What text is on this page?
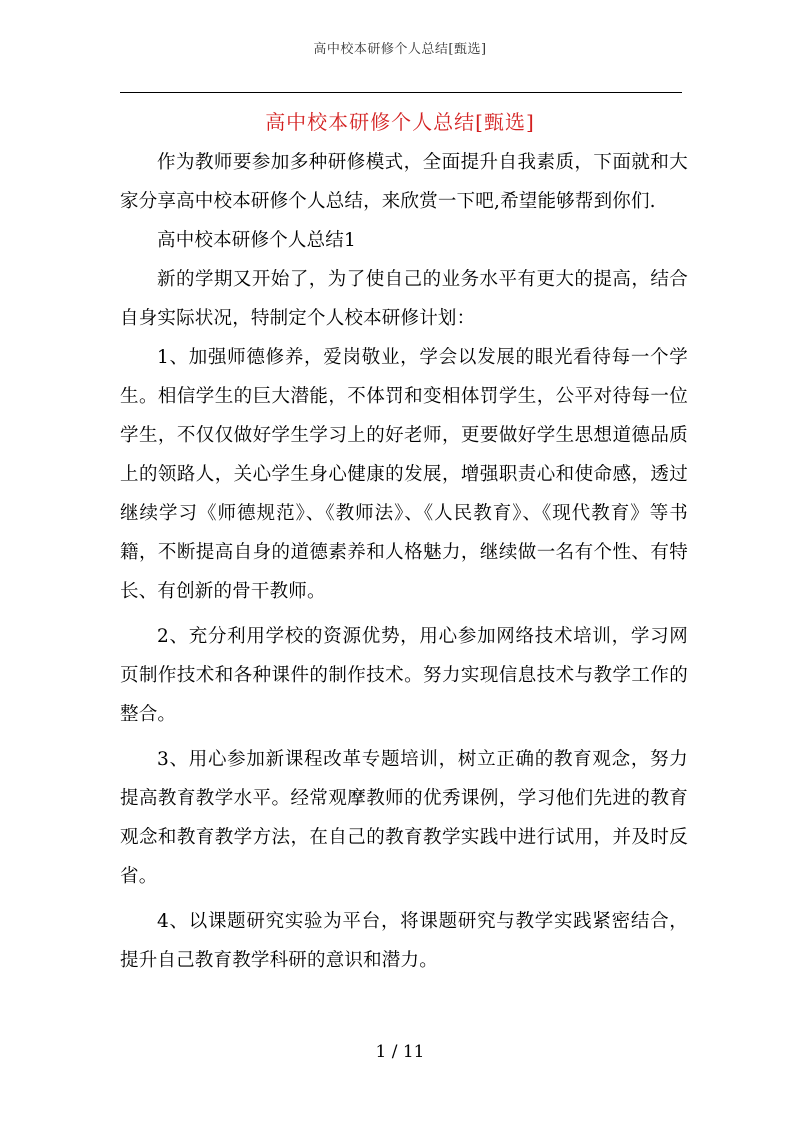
高中校本研修个人总结[甄选]
高中校本研修个人总结[甄选]

作为教师要参加多种研修模式，全面提升自我素质，下面就和大家分享高中校本研修个人总结，来欣赏一下吧,希望能够帮到你们.

高中校本研修个人总结1

新的学期又开始了，为了使自己的业务水平有更大的提高，结合自身实际状况，特制定个人校本研修计划：

1、加强师德修养，爱岗敬业，学会以发展的眼光看待每一个学生。相信学生的巨大潜能，不体罚和变相体罚学生，公平对待每一位学生，不仅仅做好学生学习上的好老师，更要做好学生思想道德品质上的领路人，关心学生身心健康的发展，增强职责心和使命感，透过继续学习《师德规范》、《教师法》、《人民教育》、《现代教育》等书籍，不断提高自身的道德素养和人格魅力，继续做一名有个性、有特长、有创新的骨干教师。

2、充分利用学校的资源优势，用心参加网络技术培训，学习网页制作技术和各种课件的制作技术。努力实现信息技术与教学工作的整合。

3、用心参加新课程改革专题培训，树立正确的教育观念，努力提高教育教学水平。经常观摩教师的优秀课例，学习他们先进的教育观念和教育教学方法，在自己的教育教学实践中进行试用，并及时反省。

4、以课题研究实验为平台，将课题研究与教学实践紧密结合，提升自己教育教学科研的意识和潜力。

1 / 11
